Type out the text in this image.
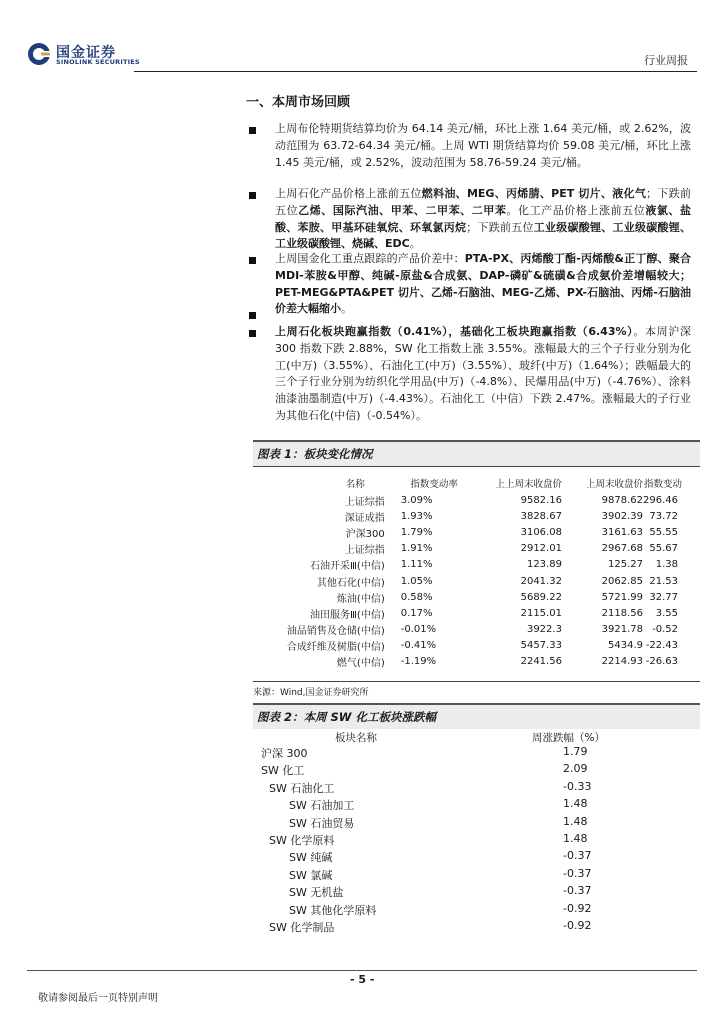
国金证券
SINOLINK SECURITIES	行业周报
一、本周市场回顾

上周布伦特期货结算均价为 64.14 美元/桶，环比上涨 1.64 美元/桶，或 2.62%，波动范围为 63.72-64.34 美元/桶。上周 WTI 期货结算均价 59.08 美元/桶，环比上涨 1.45 美元/桶，或 2.52%，波动范围为 58.76-59.24 美元/桶。

上周石化产品价格上涨前五位燃料油、MEG、丙烯腈、PET 切片、液化气；下跌前五位乙烯、国际汽油、甲苯、二甲苯、二甲苯。化工产品价格上涨前五位液氯、盐酸、苯胺、甲基环硅氧烷、环氧氯丙烷；下跌前五位工业级碳酸锂、工业级碳酸锂、工业级碳酸锂、烧碱、EDC。

上周国金化工重点跟踪的产品价差中：PTA-PX、丙烯酸丁酯-丙烯酸&正丁醇、聚合 MDI-苯胺&甲醇、纯碱-原盐&合成氨、DAP-磷矿&硫磺&合成氨价差增幅较大；PET-MEG&PTA&PET 切片、乙烯-石脑油、MEG-乙烯、PX-石脑油、丙烯-石脑油价差大幅缩小。

上周石化板块跑赢指数（0.41%），基础化工板块跑赢指数（6.43%）。本周沪深 300 指数下跌 2.88%，SW 化工指数上涨 3.55%。涨幅最大的三个子行业分别为化工(中万)（3.55%）、石油化工(中万)（3.55%）、玻纤(中万)（1.64%）；跌幅最大的三个子行业分别为纺织化学用品(中万)（-4.8%）、民爆用品(中万)（-4.76%）、涂料油漆油墨制造(中万)（-4.43%）。石油化工（中信）下跌 2.47%。涨幅最大的子行业为其他石化(中信)（-0.54%）。

图表 1：板块变化情况
名称	指数变动率	上上周末收盘价	上周末收盘价	指数变动
上证综指	3.09%	9582.16	9878.62	296.46
深证成指	1.93%	3828.67	3902.39	73.72
沪深300	1.79%	3106.08	3161.63	55.55
上证综指	1.91%	2912.01	2967.68	55.67
石油开采Ⅲ(中信)	1.11%	123.89	125.27	1.38
其他石化(中信)	1.05%	2041.32	2062.85	21.53
炼油(中信)	0.58%	5689.22	5721.99	32.77
油田服务Ⅲ(中信)	0.17%	2115.01	2118.56	3.55
油品销售及仓储(中信)	-0.01%	3922.3	3921.78	-0.52
合成纤维及树脂(中信)	-0.41%	5457.33	5434.9	-22.43
燃气(中信)	-1.19%	2241.56	2214.93	-26.63
来源：Wind,国金证券研究所
图表 2：本周 SW 化工板块涨跌幅
板块名称	周涨跌幅（%）
沪深 300	1.79
SW 化工	2.09
SW 石油化工	-0.33
SW 石油加工	1.48
SW 石油贸易	1.48
SW 化学原料	1.48
SW 纯碱	-0.37
SW 氯碱	-0.37
SW 无机盐	-0.37
SW 其他化学原料	-0.92
SW 化学制品	-0.92
- 5 -
敬请参阅最后一页特别声明
